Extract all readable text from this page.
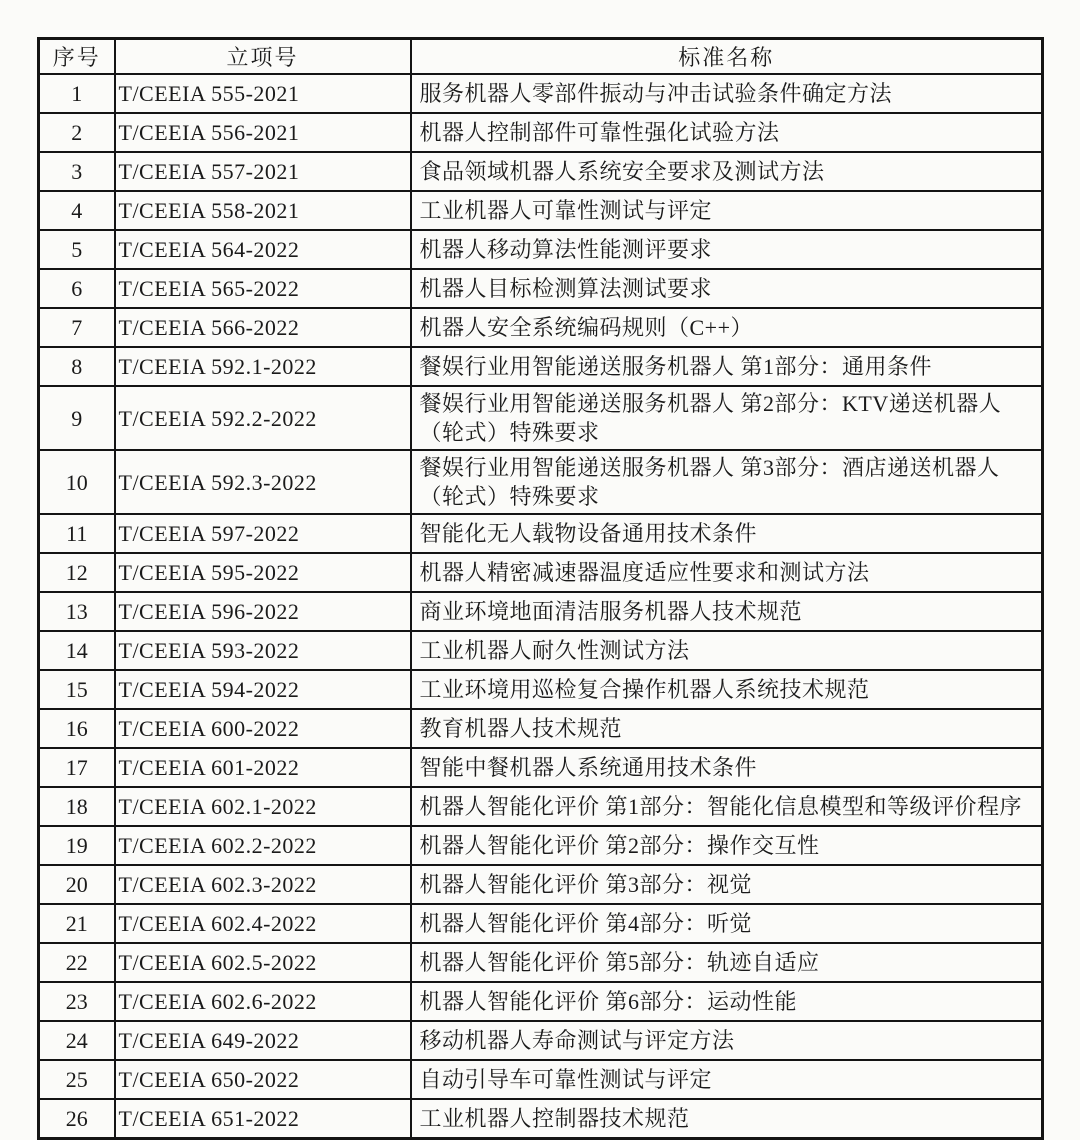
序号	立项号	标准名称
1	T/CEEIA 555-2021	服务机器人零部件振动与冲击试验条件确定方法
2	T/CEEIA 556-2021	机器人控制部件可靠性强化试验方法
3	T/CEEIA 557-2021	食品领域机器人系统安全要求及测试方法
4	T/CEEIA 558-2021	工业机器人可靠性测试与评定
5	T/CEEIA 564-2022	机器人移动算法性能测评要求
6	T/CEEIA 565-2022	机器人目标检测算法测试要求
7	T/CEEIA 566-2022	机器人安全系统编码规则（C++）
8	T/CEEIA 592.1-2022	餐娱行业用智能递送服务机器人 第1部分：通用条件
9	T/CEEIA 592.2-2022	餐娱行业用智能递送服务机器人 第2部分：KTV递送机器人（轮式）特殊要求
10	T/CEEIA 592.3-2022	餐娱行业用智能递送服务机器人 第3部分：酒店递送机器人（轮式）特殊要求
11	T/CEEIA 597-2022	智能化无人载物设备通用技术条件
12	T/CEEIA 595-2022	机器人精密减速器温度适应性要求和测试方法
13	T/CEEIA 596-2022	商业环境地面清洁服务机器人技术规范
14	T/CEEIA 593-2022	工业机器人耐久性测试方法
15	T/CEEIA 594-2022	工业环境用巡检复合操作机器人系统技术规范
16	T/CEEIA 600-2022	教育机器人技术规范
17	T/CEEIA 601-2022	智能中餐机器人系统通用技术条件
18	T/CEEIA 602.1-2022	机器人智能化评价 第1部分：智能化信息模型和等级评价程序
19	T/CEEIA 602.2-2022	机器人智能化评价 第2部分：操作交互性
20	T/CEEIA 602.3-2022	机器人智能化评价 第3部分：视觉
21	T/CEEIA 602.4-2022	机器人智能化评价 第4部分：听觉
22	T/CEEIA 602.5-2022	机器人智能化评价 第5部分：轨迹自适应
23	T/CEEIA 602.6-2022	机器人智能化评价 第6部分：运动性能
24	T/CEEIA 649-2022	移动机器人寿命测试与评定方法
25	T/CEEIA 650-2022	自动引导车可靠性测试与评定
26	T/CEEIA 651-2022	工业机器人控制器技术规范
